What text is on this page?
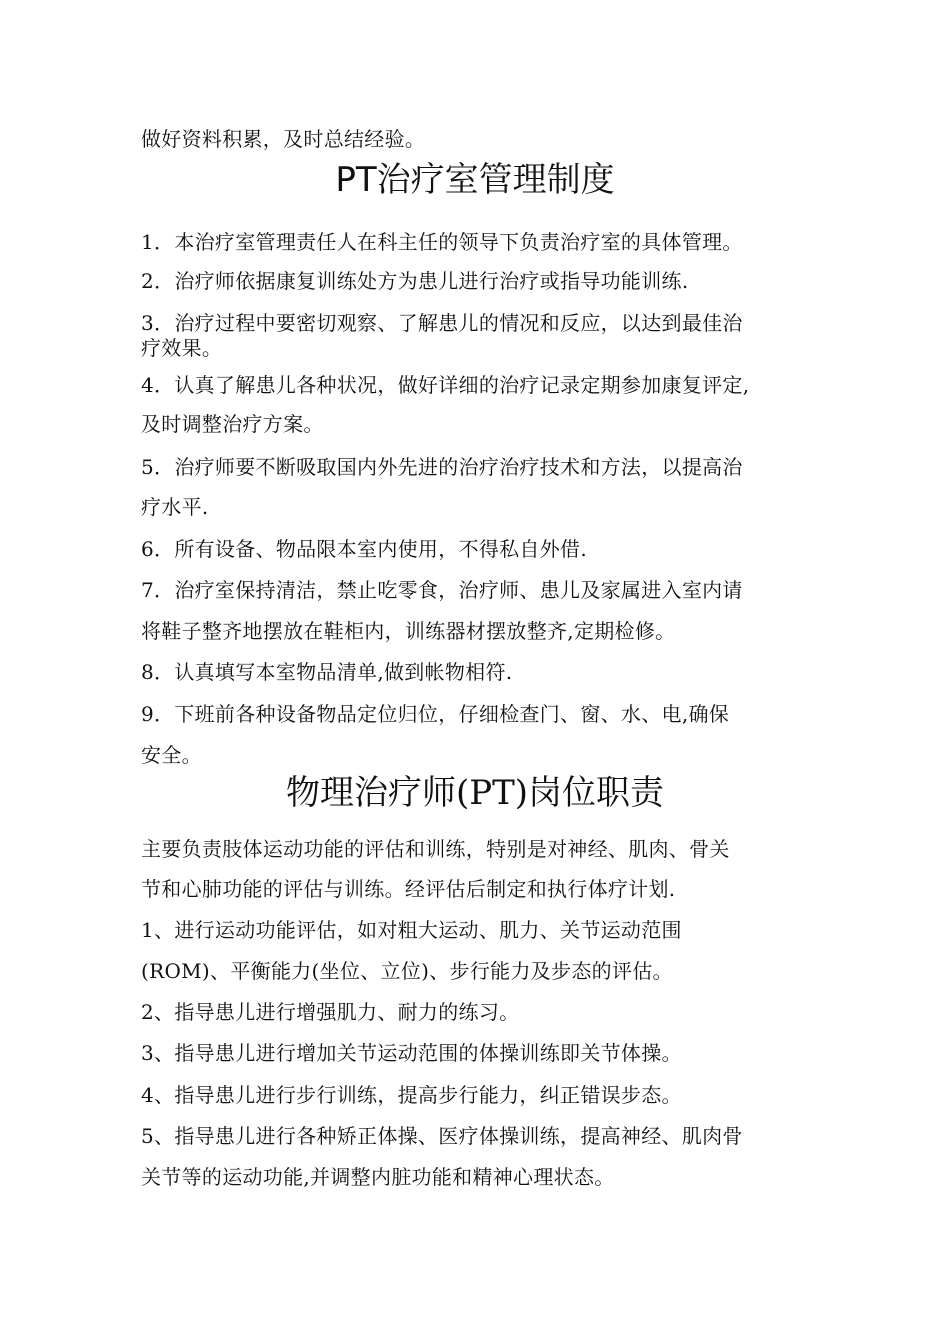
做好资料积累，及时总结经验。
PT治疗室管理制度
1．本治疗室管理责任人在科主任的领导下负责治疗室的具体管理。
2．治疗师依据康复训练处方为患儿进行治疗或指导功能训练.
3．治疗过程中要密切观察、了解患儿的情况和反应，以达到最佳治
疗效果。
4．认真了解患儿各种状况，做好详细的治疗记录定期参加康复评定,
及时调整治疗方案。
5．治疗师要不断吸取国内外先进的治疗治疗技术和方法，以提高治
疗水平.
6．所有设备、物品限本室内使用，不得私自外借.
7．治疗室保持清洁，禁止吃零食，治疗师、患儿及家属进入室内请
将鞋子整齐地摆放在鞋柜内，训练器材摆放整齐,定期检修。
8．认真填写本室物品清单,做到帐物相符.
9．下班前各种设备物品定位归位，仔细检查门、窗、水、电,确保
安全。
物理治疗师(PT)岗位职责
主要负责肢体运动功能的评估和训练，特别是对神经、肌肉、骨关
节和心肺功能的评估与训练。经评估后制定和执行体疗计划.
1、进行运动功能评估，如对粗大运动、肌力、关节运动范围
(ROM)、平衡能力(坐位、立位)、步行能力及步态的评估。
2、指导患儿进行增强肌力、耐力的练习。
3、指导患儿进行增加关节运动范围的体操训练即关节体操。
4、指导患儿进行步行训练，提高步行能力，纠正错误步态。
5、指导患儿进行各种矫正体操、医疗体操训练，提高神经、肌肉骨
关节等的运动功能,并调整内脏功能和精神心理状态。
